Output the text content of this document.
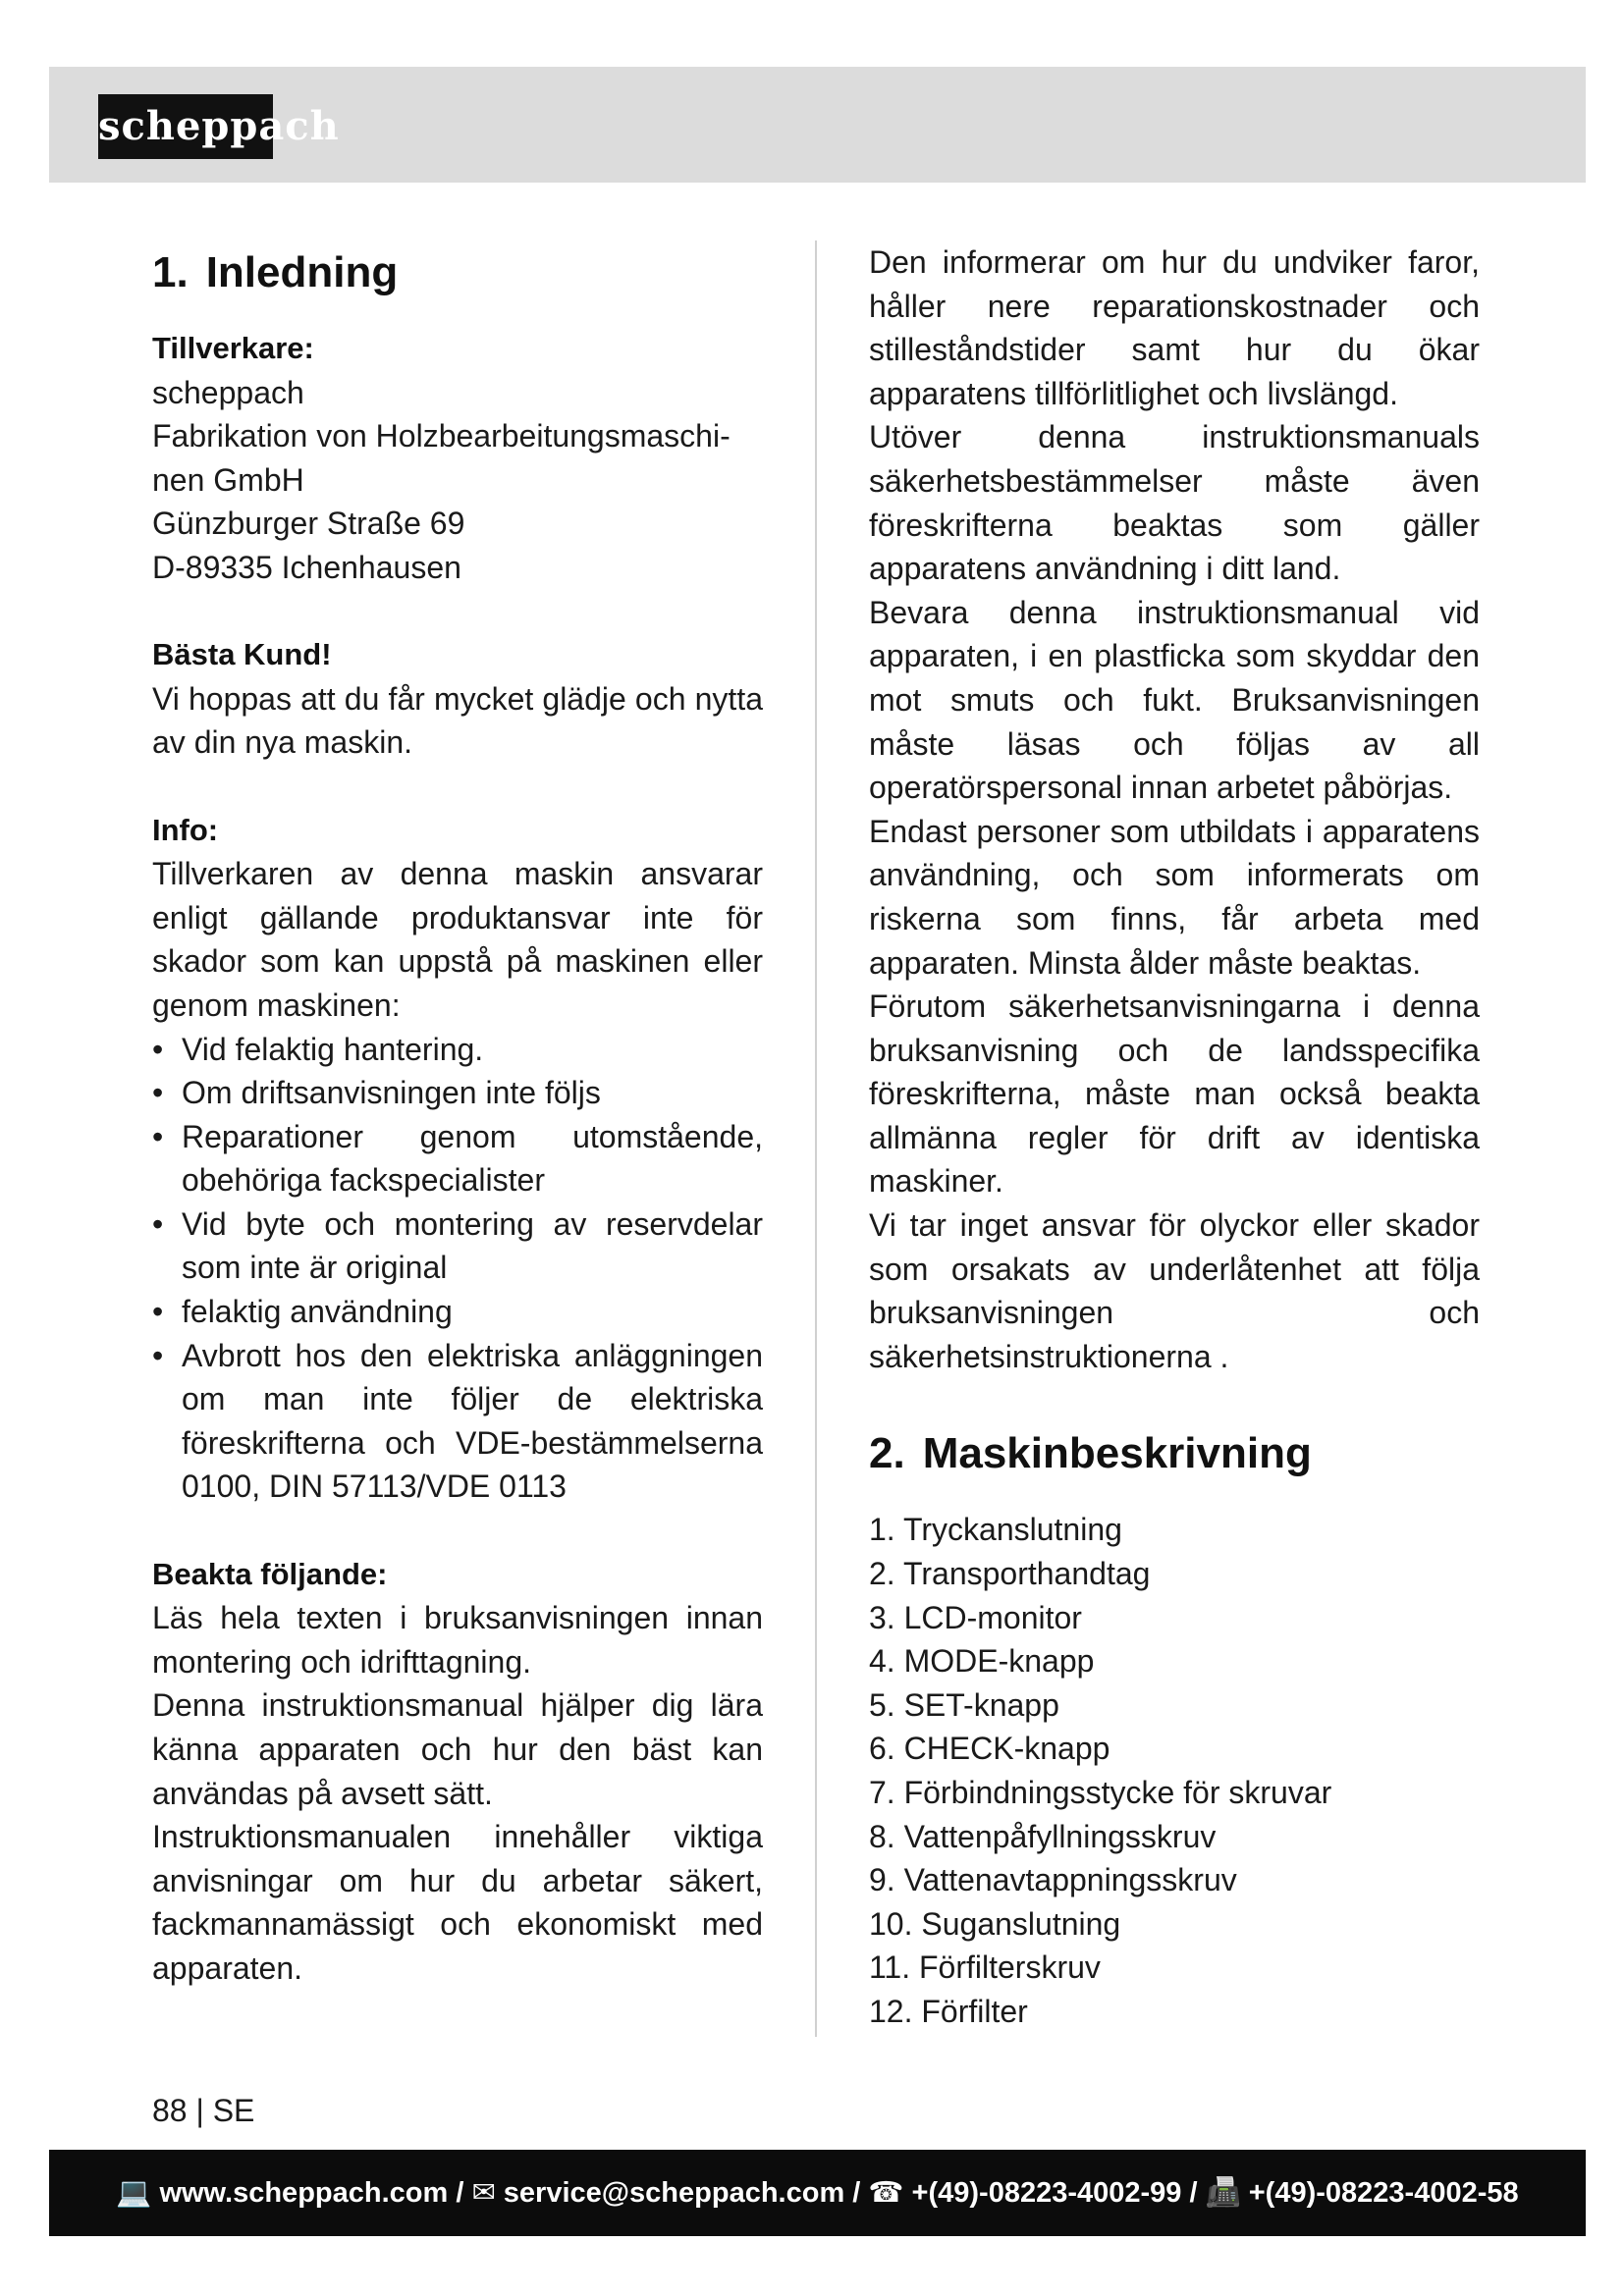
scheppach
1. Inledning
Tillverkare:

scheppach

Fabrikation von Holzbearbeitungsmaschi-

nen GmbH

Günzburger Straße 69

D-89335 Ichenhausen

Bästa Kund!

Vi hoppas att du får mycket glädje och nytta av din nya maskin.

Info:

Tillverkaren av denna maskin ansvarar enligt gällande produktansvar inte för skador som kan uppstå på maskinen eller genom maskinen:

• Vid felaktig hantering.
• Om driftsanvisningen inte följs
• Reparationer genom utomstående, obehöriga fackspecialister
• Vid byte och montering av reservdelar som inte är original
• felaktig användning
• Avbrott hos den elektriska anläggningen om man inte följer de elektriska föreskrifterna och VDE-bestämmelserna 0100, DIN 57113/VDE 0113
Beakta följande:

Läs hela texten i bruksanvisningen innan montering och idrifttagning.

Denna instruktionsmanual hjälper dig lära känna apparaten och hur den bäst kan användas på avsett sätt.

Instruktionsmanualen innehåller viktiga anvisningar om hur du arbetar säkert, fackmannamässigt och ekonomiskt med apparaten.

Den informerar om hur du undviker faror, håller nere reparationskostnader och stilleståndstider samt hur du ökar apparatens tillförlitlighet och livslängd.

Utöver denna instruktionsmanuals säkerhetsbestämmelser måste även föreskrifterna beaktas som gäller apparatens användning i ditt land.

Bevara denna instruktionsmanual vid apparaten, i en plastficka som skyddar den mot smuts och fukt. Bruksanvisningen måste läsas och följas av all operatörspersonal innan arbetet påbörjas.

Endast personer som utbildats i apparatens användning, och som informerats om riskerna som finns, får arbeta med apparaten. Minsta ålder måste beaktas.

Förutom säkerhetsanvisningarna i denna bruksanvisning och de landsspecifika föreskrifterna, måste man också beakta allmänna regler för drift av identiska maskiner.

Vi tar inget ansvar för olyckor eller skador som orsakats av underlåtenhet att följa bruksanvisningen och säkerhetsinstruktionerna .

2. Maskinbeskrivning
1. Tryckanslutning
2. Transporthandtag
3. LCD-monitor
4. MODE-knapp
5. SET-knapp
6. CHECK-knapp
7. Förbindningsstycke för skruvar
8. Vattenpåfyllningsskruv
9. Vattenavtappningsskruv
10. Suganslutning
11. Förfilterskruv
12. Förfilter
88 | SE
💻 www.scheppach.com / ✉ service@scheppach.com / ☎ +(49)-08223-4002-99 / 📠 +(49)-08223-4002-58
